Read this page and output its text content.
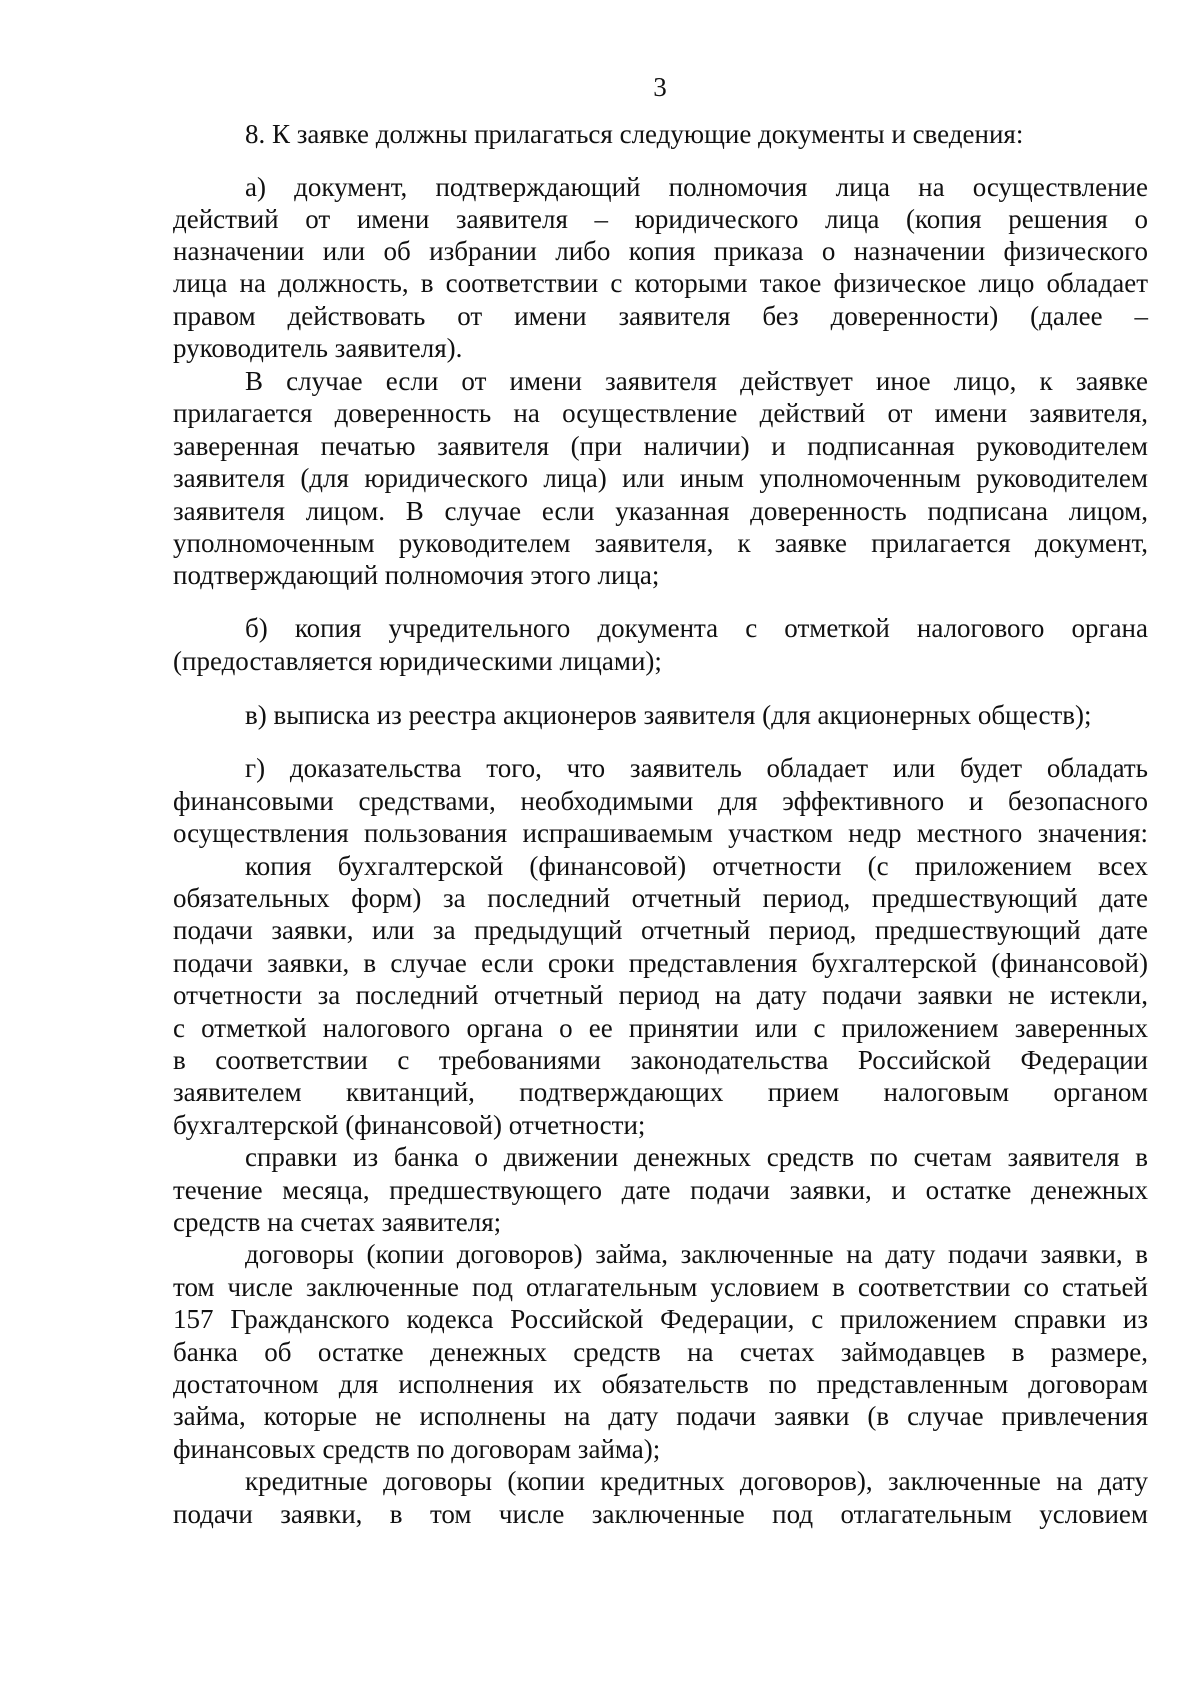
3
8. К заявке должны прилагаться следующие документы и сведения:
а) документ, подтверждающий полномочия лица на осуществление
действий от имени заявителя – юридического лица (копия решения о
назначении или об избрании либо копия приказа о назначении физического
лица на должность, в соответствии с которыми такое физическое лицо обладает
правом действовать от имени заявителя без доверенности) (далее –
руководитель заявителя).
В случае если от имени заявителя действует иное лицо, к заявке
прилагается доверенность на осуществление действий от имени заявителя,
заверенная печатью заявителя (при наличии) и подписанная руководителем
заявителя (для юридического лица) или иным уполномоченным руководителем
заявителя лицом. В случае если указанная доверенность подписана лицом,
уполномоченным руководителем заявителя, к заявке прилагается документ,
подтверждающий полномочия этого лица;
б) копия учредительного документа с отметкой налогового органа
(предоставляется юридическими лицами);
в) выписка из реестра акционеров заявителя (для акционерных обществ);
г) доказательства того, что заявитель обладает или будет обладать
финансовыми средствами, необходимыми для эффективного и безопасного
осуществления пользования испрашиваемым участком недр местного значения:
копия бухгалтерской (финансовой) отчетности (с приложением всех
обязательных форм) за последний отчетный период, предшествующий дате
подачи заявки, или за предыдущий отчетный период, предшествующий дате
подачи заявки, в случае если сроки представления бухгалтерской (финансовой)
отчетности за последний отчетный период на дату подачи заявки не истекли,
с отметкой налогового органа о ее принятии или с приложением заверенных
в соответствии с требованиями законодательства Российской Федерации
заявителем квитанций, подтверждающих прием налоговым органом
бухгалтерской (финансовой) отчетности;
справки из банка о движении денежных средств по счетам заявителя в
течение месяца, предшествующего дате подачи заявки, и остатке денежных
средств на счетах заявителя;
договоры (копии договоров) займа, заключенные на дату подачи заявки, в
том числе заключенные под отлагательным условием в соответствии со статьей
157 Гражданского кодекса Российской Федерации, с приложением справки из
банка об остатке денежных средств на счетах займодавцев в размере,
достаточном для исполнения их обязательств по представленным договорам
займа, которые не исполнены на дату подачи заявки (в случае привлечения
финансовых средств по договорам займа);
кредитные договоры (копии кредитных договоров), заключенные на дату
подачи заявки, в том числе заключенные под отлагательным условием
